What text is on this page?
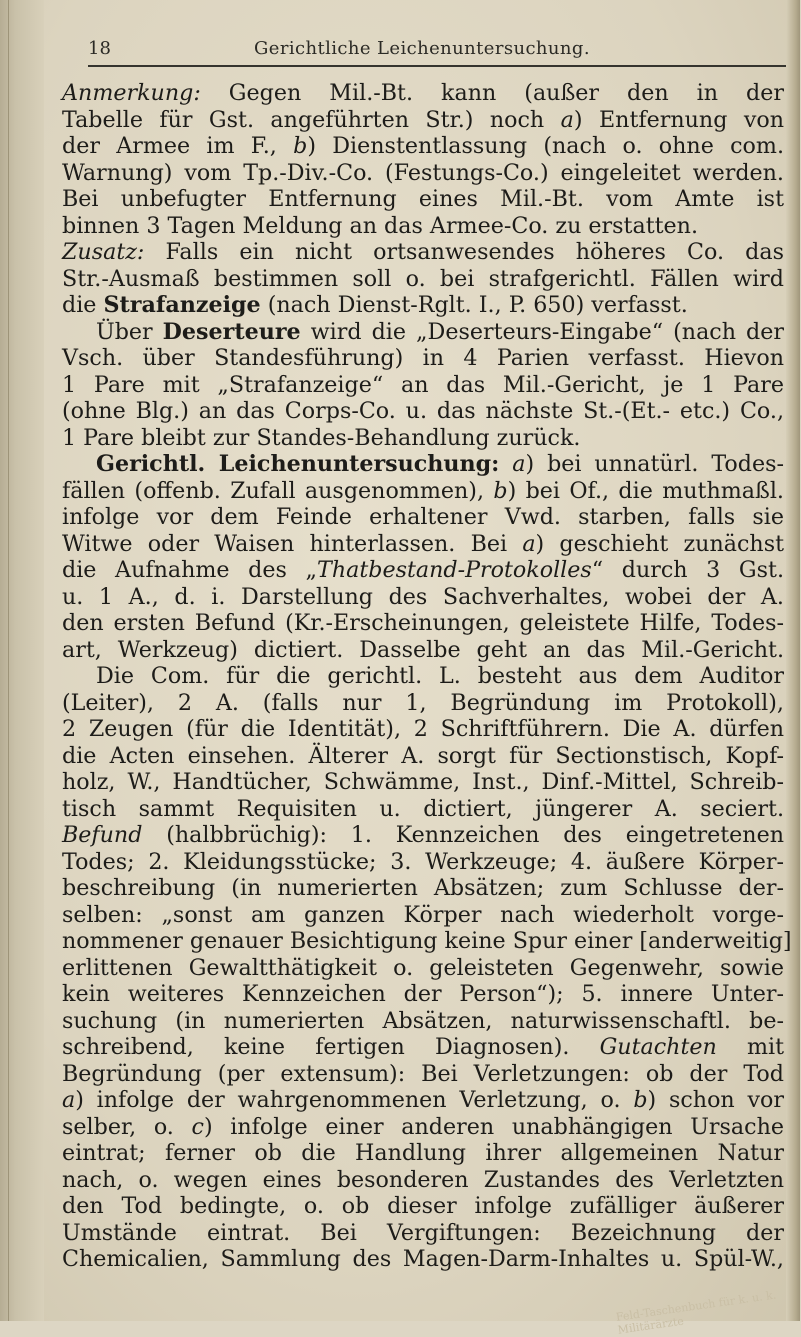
18	Gerichtliche Leichenuntersuchung.
Anmerkung: Gegen Mil.-Bt. kann (außer den in der
Tabelle für Gst. angeführten Str.) noch a) Entfernung von
der Armee im F., b) Dienstentlassung (nach o. ohne com.
Warnung) vom Tp.-Div.-Co. (Festungs-Co.) eingeleitet werden.
Bei unbefugter Entfernung eines Mil.-Bt. vom Amte ist
binnen 3 Tagen Meldung an das Armee-Co. zu erstatten.
Zusatz: Falls ein nicht ortsanwesendes höheres Co. das
Str.-Ausmaß bestimmen soll o. bei strafgerichtl. Fällen wird
die Strafanzeige (nach Dienst-Rglt. I., P. 650) verfasst.
Über Deserteure wird die „Deserteurs-Eingabe“ (nach der
Vsch. über Standesführung) in 4 Parien verfasst. Hievon
1 Pare mit „Strafanzeige“ an das Mil.-Gericht, je 1 Pare
(ohne Blg.) an das Corps-Co. u. das nächste St.-(Et.- etc.) Co.,
1 Pare bleibt zur Standes-Behandlung zurück.
Gerichtl. Leichenuntersuchung: a) bei unnatürl. Todes-
fällen (offenb. Zufall ausgenommen), b) bei Of., die muthmaßl.
infolge vor dem Feinde erhaltener Vwd. starben, falls sie
Witwe oder Waisen hinterlassen. Bei a) geschieht zunächst
die Aufnahme des „Thatbestand-Protokolles“ durch 3 Gst.
u. 1 A., d. i. Darstellung des Sachverhaltes, wobei der A.
den ersten Befund (Kr.-Erscheinungen, geleistete Hilfe, Todes-
art, Werkzeug) dictiert. Dasselbe geht an das Mil.-Gericht.
Die Com. für die gerichtl. L. besteht aus dem Auditor
(Leiter), 2 A. (falls nur 1, Begründung im Protokoll),
2 Zeugen (für die Identität), 2 Schriftführern. Die A. dürfen
die Acten einsehen. Älterer A. sorgt für Sectionstisch, Kopf-
holz, W., Handtücher, Schwämme, Inst., Dinf.-Mittel, Schreib-
tisch sammt Requisiten u. dictiert, jüngerer A. seciert.
Befund (halbbrüchig): 1. Kennzeichen des eingetretenen
Todes; 2. Kleidungsstücke; 3. Werkzeuge; 4. äußere Körper-
beschreibung (in numerierten Absätzen; zum Schlusse der-
selben: „sonst am ganzen Körper nach wiederholt vorge-
nommener genauer Besichtigung keine Spur einer [anderweitig]
erlittenen Gewaltthätigkeit o. geleisteten Gegenwehr, sowie
kein weiteres Kennzeichen der Person“); 5. innere Unter-
suchung (in numerierten Absätzen, naturwissenschaftl. be-
schreibend, keine fertigen Diagnosen). Gutachten mit
Begründung (per extensum): Bei Verletzungen: ob der Tod
a) infolge der wahrgenommenen Verletzung, o. b) schon vor
selber, o. c) infolge einer anderen unabhängigen Ursache
eintrat; ferner ob die Handlung ihrer allgemeinen Natur
nach, o. wegen eines besonderen Zustandes des Verletzten
den Tod bedingte, o. ob dieser infolge zufälliger äußerer
Umstände eintrat. Bei Vergiftungen: Bezeichnung der
Chemicalien, Sammlung des Magen-Darm-Inhaltes u. Spül-W.,
Feld-Taschenbuch für k. u. k. Militärärzte
